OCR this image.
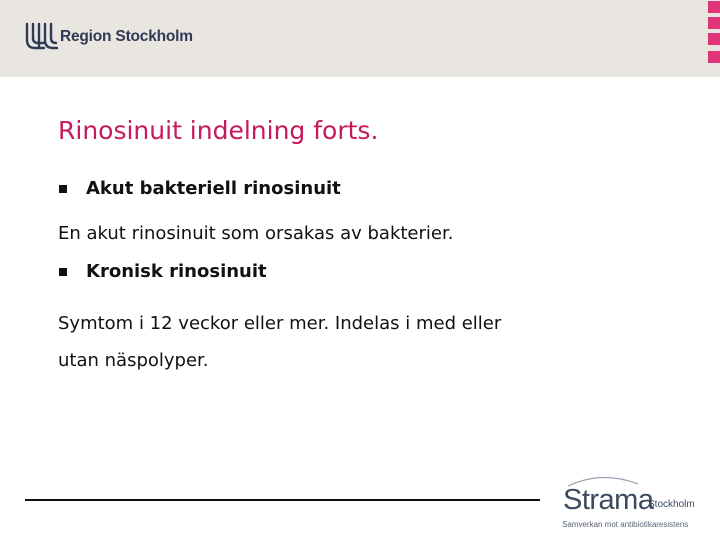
Region Stockholm
Rinosinuit indelning forts.
Akut bakteriell rinosinuit
En akut rinosinuit som orsakas av bakterier.
Kronisk rinosinuit
Symtom i 12 veckor eller mer. Indelas i med eller
utan näspolyper.
Strama
Stockholm
Samverkan mot antibiotikaresistens
